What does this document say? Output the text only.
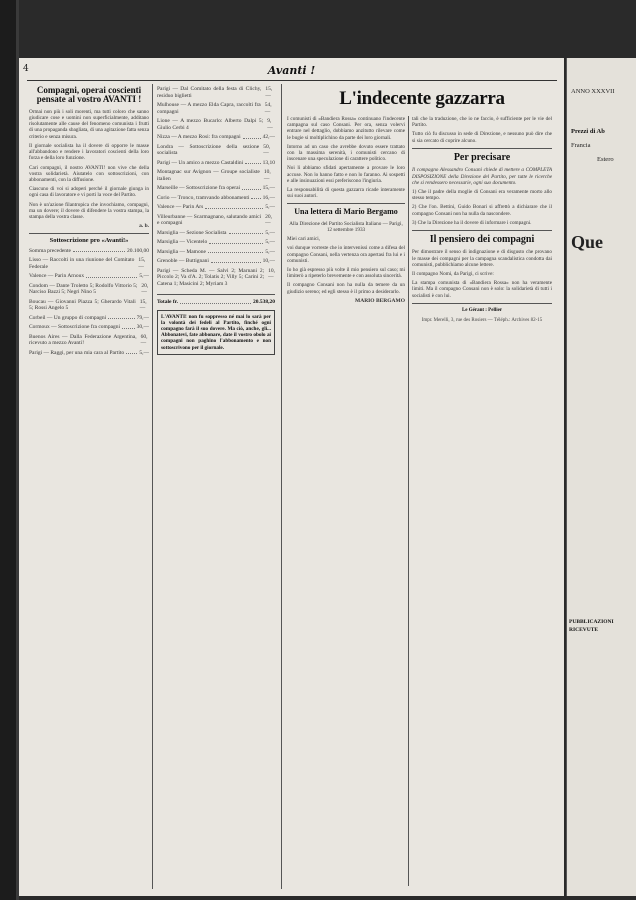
4	Avanti !
Compagni, operai coscienti pensate al vostro AVANTI !

Ormai non più i soli morenti, ma tutti coloro che sanno giudicare cose e uomini non superficialmente, additano risolutamente alle cause del fenomeno comunista i frutti di una propaganda sbagliata, di una agitazione fatta senza criterio e senza misura.

Il giornale socialista ha il dovere di opporre le masse all'abbandono e rendere i lavoratori coscienti della loro forza e della loro funzione.

Cari compagni, il nostro AVANTI! non vive che della vostra solidarietà. Aiutatelo con sottoscrizioni, con abbonamenti, con la diffusione.

Ciascuno di voi si adoperi perché il giornale giunga in ogni casa di lavoratore e vi porti la voce del Partito.

Non è un'azione filantropica che invochiamo, compagni, ma un dovere; il dovere di difendere la vostra stampa, la stampa della vostra classe.

a. b.
Sottoscrizione pro «Avanti!»
Somma precedente	20.100,00
Lisso — Raccolti in una riunione del Comitato Federale
15,—
Valence — Parin Arnoux	5,—
Condom — Dante Troletto 5; Rodolfo Vittorio 5; Narciso Bazzi 5; Negri Nino 5
20,—
Boucau — Giovanni Piazza 5; Gherardo Vitali 5; Rossi Angelo 5
15,—
Corbeil — Un gruppo di compagni	79,—
Cormoux — Sottoscrizione fra compagni	30,—
Buenos Aires — Dalla Federazione Argentina, ricevuto a mezzo Avanti!
60,—
Parigi — Raggi, per una mia cara al Partito	5,—
Parigi — Dal Comitato della festa di Clichy, residuo biglietti
15,—
Mulhouse — A mezzo Elda Capra, raccolti fra compagni
54,—
Lione — A mezzo Bucarlo: Alberto Dalpi 5; Giulio Cerbi 4
9,—
Nizza — A mezzo Rosi: fra compagni	42,—
Londra — Sottoscrizione della sezione socialista
50,—
Parigi — Un amico a mezzo Castaldini	13,10
Montagnac sur Avignon — Groupe socialiste italien
10,—
Marseille — Sottoscrizione fra operai	15,—
Corio — Tronco, tramvando abbonamenti 16,—
Valence — Parin Ars	5,—
Villeurbanne — Scarmagnano, salutando amici e compagni
20,—
Marsiglia — Sezione Socialista	5,—
Marsiglia — Vicentelo	5,—
Marsiglia — Mamone	5,—
Grenoble — Buttignani	10,—
Parigi — Scheda M. — Salvi 2; Marnani 2; Piccolo 2; Va d'A. 2; Tolatis 2; Villy 5; Carini 2; Catena 1; Masicini 2; Myriam 3
10,—
Totale fr.	20.538,20
L'AVANTI! non fu soppresso né mai lo sarà per la volontà dei fedeli al Partito, finché ogni compagno farà il suo dovere. Ma cìò, anche, gli... Abbonatevi, fate abbonare, date il vostro obolo ai compagni non paghino l'abbonamento e non sottoscrivono per il giornale.
L'indecente gazzarra

I comunisti di «Bandiera Rossa» continuano l'indecente campagna sul caso Consani. Per ora, senza volervi entrare nel dettaglio, dobbiamo anzitutto rilevare come le bugie si moltiplichino da parte dei loro giornali.

Intorno ad un caso che avrebbe dovuto essere trattato con la massima serenità, i comunisti cercano di inscenare una speculazione di carattere politico.

Noi li abbiamo sfidati apertamente a provare le loro accuse. Non lo hanno fatto e non lo faranno. Ai sospetti e alle insinuazioni essi preferiscono l'ingiuria.

La responsabilità di questa gazzarra ricade interamente sui suoi autori.

Una lettera di Mario Bergamo

Alla Direzione del Partito Socialista Italiano — Parigi, 12 settembre 1933

Miei cari amici,

voi dunque vorreste che io intervenissi come a difesa del compagno Consani, nella vertenza ora apertasi fra lui e i comunisti.

Io ho già espresso più volte il mio pensiero sul caso; mi limiterò a ripeterlo brevemente e con assoluta sincerità.

Il compagno Consani non ha nulla da temere da un giudizio sereno; ed egli stesso è il primo a desiderarlo.

MARIO BERGAMO

tali che la traduzione, che io ne faccio, è sufficiente per le vie del Partito.

Tutto ciò fu discusso in sede di Direzione, e nessuno può dire che si sia cercato di coprire alcuno.

Per precisare

Il compagno Alessandro Consani chiede di mettere a COMPLETA DISPOSIZIONE della Direzione del Partito, per tutte le ricerche che si rendessero necessarie, ogni suo documento.

1) Che il padre della moglie di Consani era veramente morto allo stesso tempo.

2) Che l'on. Bettini, Guido Bonari si affrettò a dichiarare che il compagno Consani non ha nulla da nascondere.

3) Che la Direzione ha il dovere di informare i compagni.

Il pensiero dei compagni

Per dimostrare il senso di indignazione e di disgusto che provano le masse dei compagni per la campagna scandalistica condotta dai comunisti, pubblichiamo alcune lettere.

Il compagno Nomi, da Parigi, ci scrive:

La stampa comunista di «Bandiera Rossa» non ha veramente limiti. Ma il compagno Consani non è solo: la solidarietà di tutti i socialisti è con lui.

Le Gérant : Pellier
Impr. Merelli, 3, rue des Rosiers — Téléph.: Archives 82-15
ANNO XXXVII
Prezzi di Ab
Francia
Estero
Que
PUBBLICAZIONI RICEVUTE
